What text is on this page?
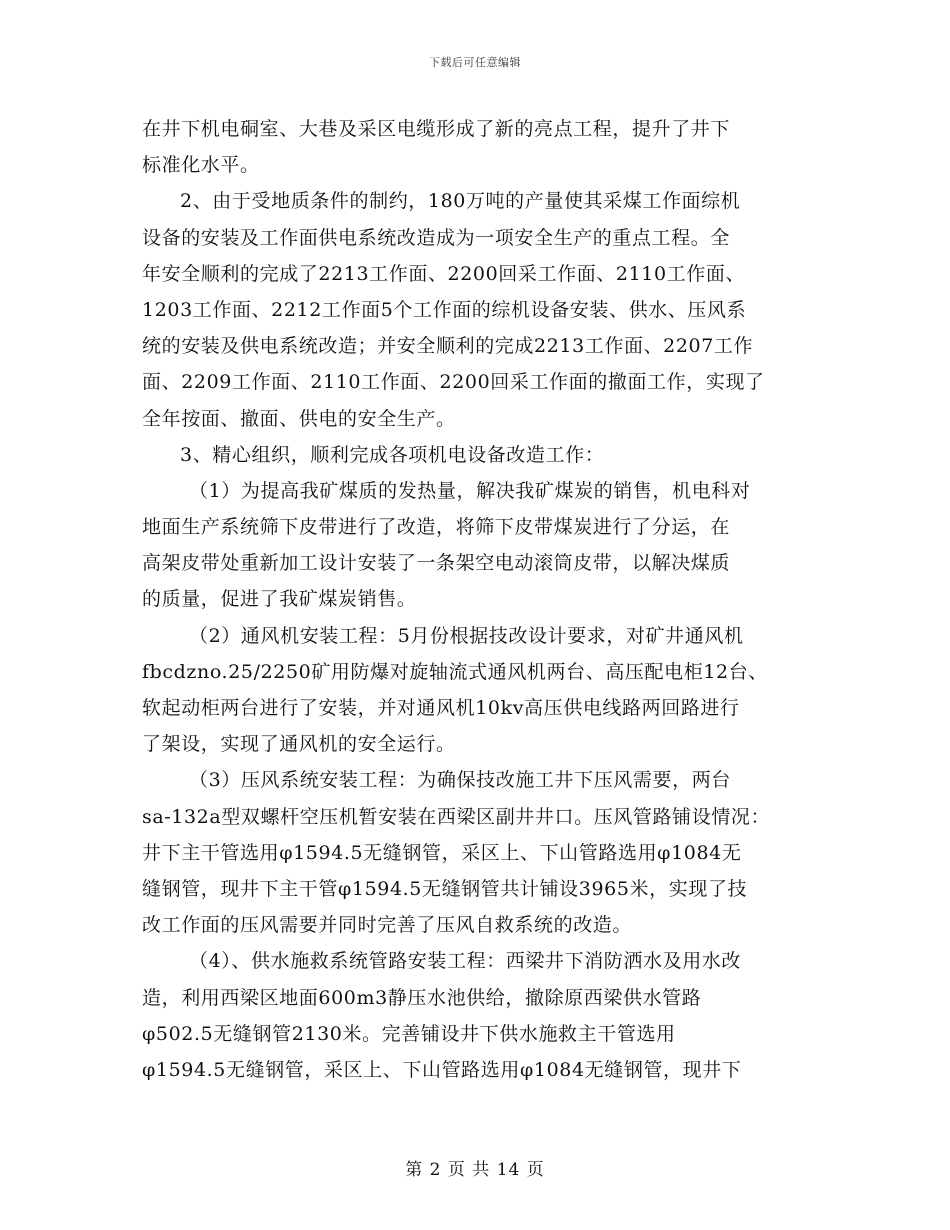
下载后可任意编辑
在井下机电硐室、大巷及采区电缆形成了新的亮点工程，提升了井下
标准化水平。
2、由于受地质条件的制约，180万吨的产量使其采煤工作面综机
设备的安装及工作面供电系统改造成为一项安全生产的重点工程。全
年安全顺利的完成了2213工作面、2200回采工作面、2110工作面、
1203工作面、2212工作面5个工作面的综机设备安装、供水、压风系
统的安装及供电系统改造；并安全顺利的完成2213工作面、2207工作
面、2209工作面、2110工作面、2200回采工作面的撤面工作，实现了
全年按面、撤面、供电的安全生产。
3、精心组织，顺利完成各项机电设备改造工作：
（1）为提高我矿煤质的发热量，解决我矿煤炭的销售，机电科对
地面生产系统筛下皮带进行了改造，将筛下皮带煤炭进行了分运，在
高架皮带处重新加工设计安装了一条架空电动滚筒皮带，以解决煤质
的质量，促进了我矿煤炭销售。
（2）通风机安装工程：5月份根据技改设计要求，对矿井通风机
fbcdzno.25/2250矿用防爆对旋轴流式通风机两台、高压配电柜12台、
软起动柜两台进行了安装，并对通风机10kv高压供电线路两回路进行
了架设，实现了通风机的安全运行。
（3）压风系统安装工程：为确保技改施工井下压风需要，两台
sa-132a型双螺杆空压机暂安装在西梁区副井井口。压风管路铺设情况：
井下主干管选用φ1594.5无缝钢管，采区上、下山管路选用φ1084无
缝钢管，现井下主干管φ1594.5无缝钢管共计铺设3965米，实现了技
改工作面的压风需要并同时完善了压风自救系统的改造。
（4）、供水施救系统管路安装工程：西梁井下消防洒水及用水改
造，利用西梁区地面600m3静压水池供给，撤除原西梁供水管路
φ502.5无缝钢管2130米。完善铺设井下供水施救主干管选用
φ1594.5无缝钢管，采区上、下山管路选用φ1084无缝钢管，现井下
第 2 页 共 14 页
